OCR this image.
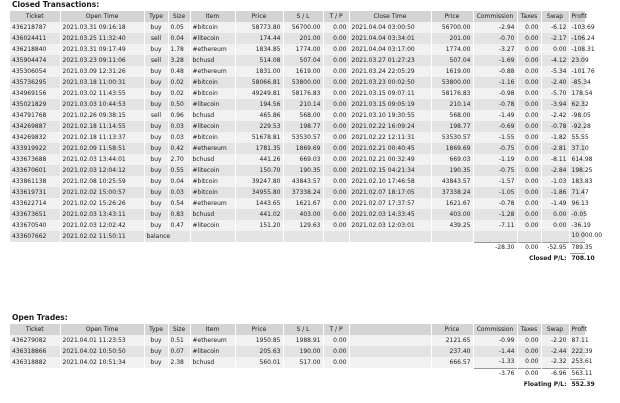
Closed Transactions:
Ticket	Open Time	Type	Size	Item	Price	S / L	T / P	Close Time	Price	Commission	Taxes	Swap	Profit
436218787	2021.03.31 09:16:18	buy	0.05	#bitcoin	58773.80	56700.00	0.00	2021.04.04 03:00:50	56700.00	-2.94	0.00	-6.12	-103.69
436024411	2021.03.25 11:32:40	sell	0.04	#litecoin	174.44	201.00	0.00	2021.04.04 03:34:01	201.00	-0.70	0.00	-2.17	-106.24
436218840	2021.03.31 09:17:49	buy	1.78	#ethereum	1834.85	1774.00	0.00	2021.04.04 03:17:00	1774.00	-3.27	0.00	0.00	-108.31
435904474	2021.03.23 09:11:06	sell	3.28	bchusd	514.08	507.04	0.00	2021.03.27 01:27:23	507.04	-1.69	0.00	-4.12	23.09
435306054	2021.03.09 12:31:26	buy	0.48	#ethereum	1831.00	1619.00	0.00	2021.03.24 22:05:29	1619.00	-0.88	0.00	-5.34	-101.76
435736295	2021.03.18 11:00:31	buy	0.02	#bitcoin	58066.81	53800.00	0.00	2021.03.23 00:02:50	53800.00	-1.16	0.00	-2.40	-85.34
434969156	2021.03.02 11:43:55	buy	0.02	#bitcoin	49249.81	58176.83	0.00	2021.03.15 09:07:11	58176.83	-0.98	0.00	-5.70	178.54
435021829	2021.03.03 10:44:53	buy	0.50	#litecoin	194.56	210.14	0.00	2021.03.15 09:05:19	210.14	-0.78	0.00	-3.94	62.32
434791768	2021.02.26 09:38:15	sell	0.96	bchusd	465.86	568.00	0.00	2021.03.10 19:30:55	568.00	-1.49	0.00	-2.42	-98.05
434269887	2021.02.18 11:14:55	buy	0.03	#litecoin	229.53	198.77	0.00	2021.02.22 16:09:24	198.77	-0.69	0.00	-0.78	-92.28
434269832	2021.02.18 11:13:37	buy	0.03	#bitcoin	51678.81	53530.57	0.00	2021.02.22 12:11:31	53530.57	-1.55	0.00	-1.82	55.55
433919922	2021.02.09 11:58:51	buy	0.42	#ethereum	1781.35	1869.69	0.00	2021.02.21 00:40:45	1869.69	-0.75	0.00	-2.81	37.10
433673688	2021.02.03 13:44:01	buy	2.70	bchusd	441.26	669.03	0.00	2021.02.21 00:32:49	669.03	-1.19	0.00	-8.11	614.98
433670601	2021.02.03 12:04:12	buy	0.55	#litecoin	150.70	190.35	0.00	2021.02.15 04:21:34	190.35	-0.75	0.00	-2.84	198.25
433861138	2021.02.08 10:25:59	buy	0.04	#bitcoin	39247.80	43843.57	0.00	2021.02.10 17:46:58	43843.57	-1.57	0.00	-1.03	183.83
433619731	2021.02.02 15:00:57	buy	0.03	#bitcoin	34955.80	37338.24	0.00	2021.02.07 18:17:05	37338.24	-1.05	0.00	-1.86	71.47
433622714	2021.02.02 15:26:26	buy	0.54	#ethereum	1443.65	1621.67	0.00	2021.02.07 17:37:57	1621.67	-0.78	0.00	-1.49	96.13
433673651	2021.02.03 13:43:11	buy	0.83	bchusd	441.02	403.00	0.00	2021.02.03 14:33:45	403.00	-1.28	0.00	0.00	-0.05
433670540	2021.02.03 12:02:42	buy	0.47	#litecoin	151.20	129.63	0.00	2021.02.03 12:03:01	439.25	-7.11	0.00	0.00	-36.19
433607662	2021.02.02 11:50:11	balance											10 000.00
										-28.30	0.00	-52.95	789.35
										Closed P/L:			708.10
Open Trades:
Ticket	Open Time	Type	Size	Item	Price	S / L	T / P		Price	Commission	Taxes	Swap	Profit
436279082	2021.04.01 11:23:53	buy	0.51	#ethereum	1950.85	1988.91	0.00		2121.65	-0.99	0.00	-2.20	87.11
436318866	2021.04.02 10:50:50	buy	0.07	#litecoin	205.63	190.00	0.00		237.40	-1.44	0.00	-2.44	222.39
436318882	2021.04.02 10:51:34	buy	2.38	bchusd	560.01	517.00	0.00		666.57	-1.33	0.00	-2.32	253.61
										-3.76	0.00	-6.96	563.11
										Floating P/L:			552.39
